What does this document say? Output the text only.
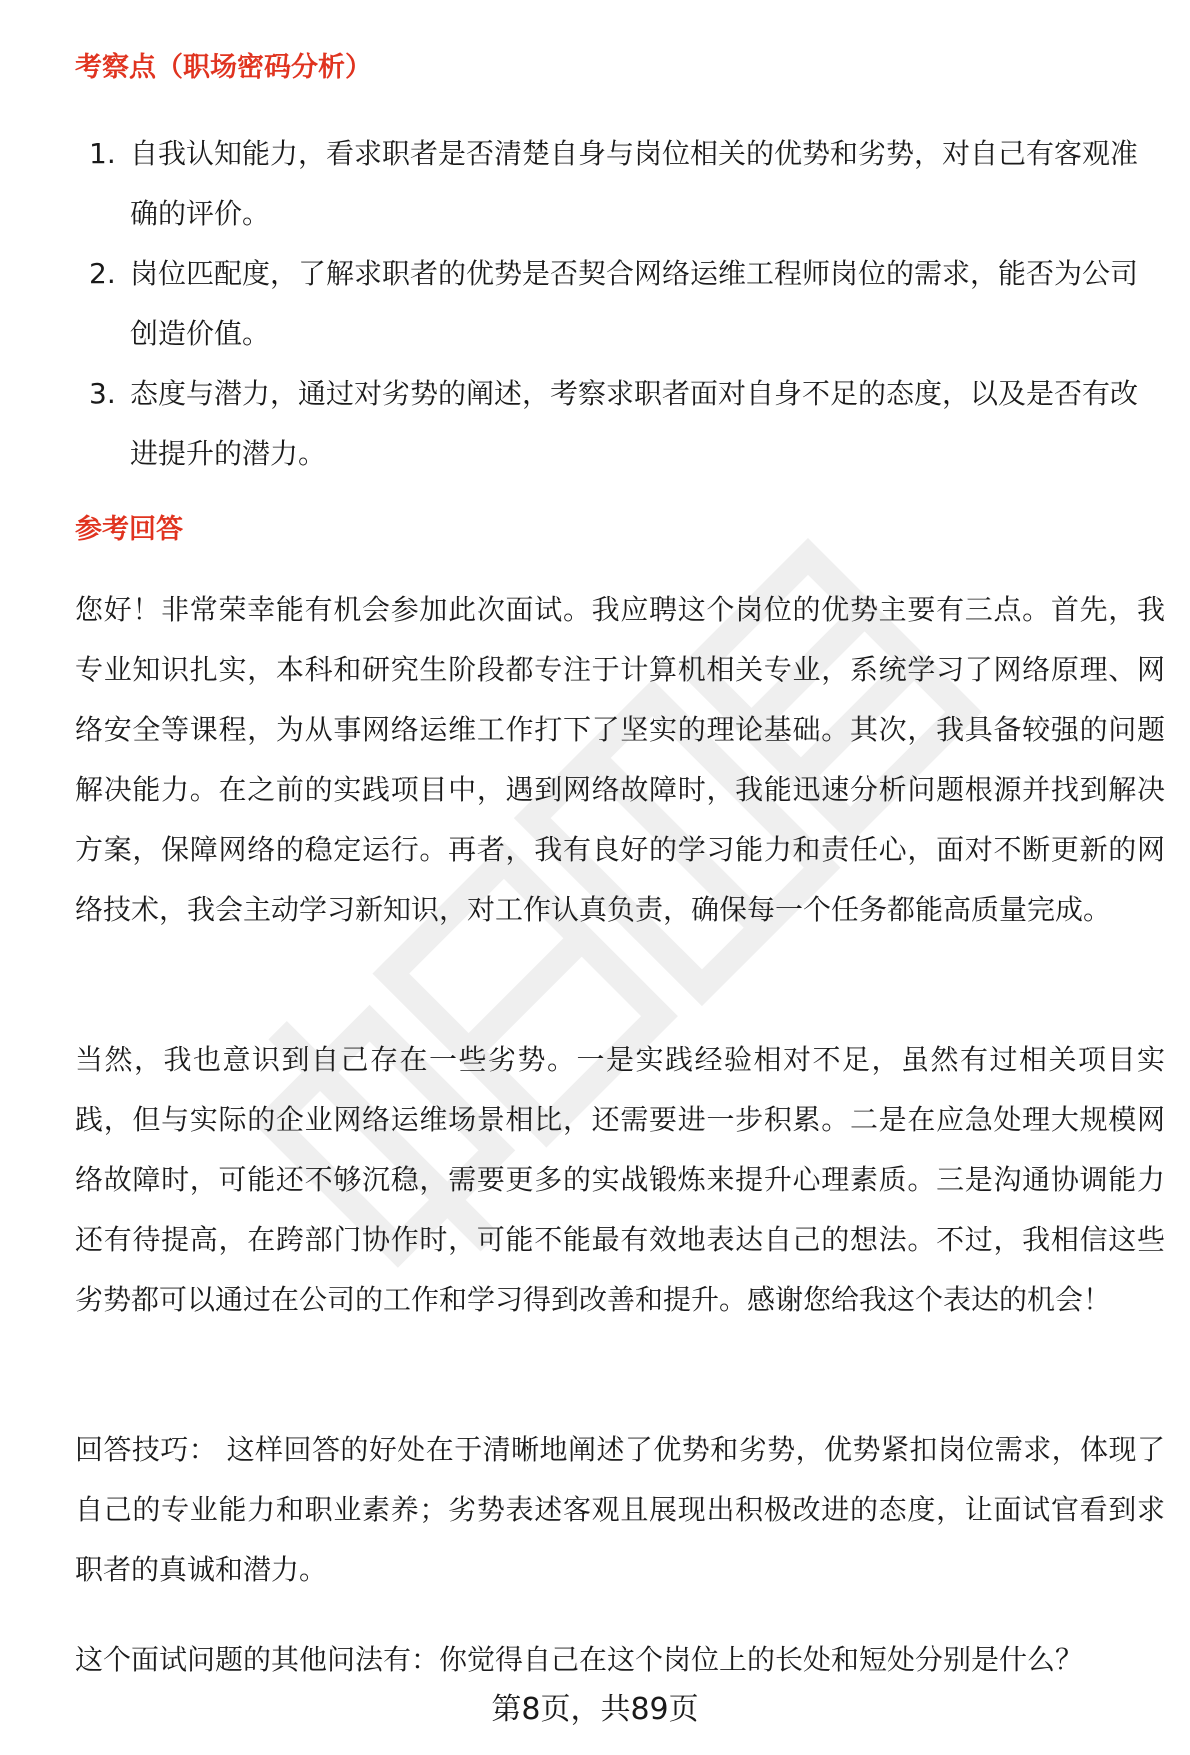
考察点（职场密码分析）
1. 自我认知能力，看求职者是否清楚自身与岗位相关的优势和劣势，对自己有客观准确的评价。
2. 岗位匹配度，了解求职者的优势是否契合网络运维工程师岗位的需求，能否为公司创造价值。
3. 态度与潜力，通过对劣势的阐述，考察求职者面对自身不足的态度，以及是否有改进提升的潜力。
参考回答

您好！非常荣幸能有机会参加此次面试。我应聘这个岗位的优势主要有三点。首先，我专业知识扎实，本科和研究生阶段都专注于计算机相关专业，系统学习了网络原理、网络安全等课程，为从事网络运维工作打下了坚实的理论基础。其次，我具备较强的问题解决能力。在之前的实践项目中，遇到网络故障时，我能迅速分析问题根源并找到解决方案，保障网络的稳定运行。再者，我有良好的学习能力和责任心，面对不断更新的网络技术，我会主动学习新知识，对工作认真负责，确保每一个任务都能高质量完成。

当然，我也意识到自己存在一些劣势。一是实践经验相对不足，虽然有过相关项目实践，但与实际的企业网络运维场景相比，还需要进一步积累。二是在应急处理大规模网络故障时，可能还不够沉稳，需要更多的实战锻炼来提升心理素质。三是沟通协调能力还有待提高，在跨部门协作时，可能不能最有效地表达自己的想法。不过，我相信这些劣势都可以通过在公司的工作和学习得到改善和提升。感谢您给我这个表达的机会！

回答技巧： 这样回答的好处在于清晰地阐述了优势和劣势，优势紧扣岗位需求，体现了自己的专业能力和职业素养；劣势表述客观且展现出积极改进的态度，让面试官看到求职者的真诚和潜力。

这个面试问题的其他问法有：你觉得自己在这个岗位上的长处和短处分别是什么？

第8页，共89页
